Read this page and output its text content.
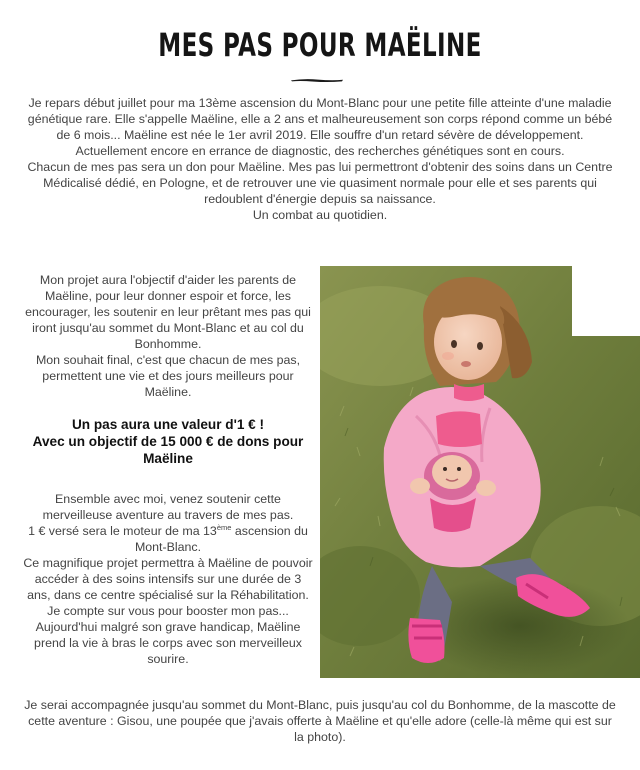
MES PAS POUR MAËLINE

Je repars début juillet pour ma 13ème ascension du Mont-Blanc pour une petite fille atteinte d'une maladie génétique rare. Elle s'appelle Maëline, elle a 2 ans et malheureusement son corps répond comme un bébé de 6 mois... Maëline est née le 1er avril 2019. Elle souffre d'un retard sévère de développement.

Actuellement encore en errance de diagnostic, des recherches génétiques sont en cours.

Chacun de mes pas sera un don pour Maëline. Mes pas lui permettront d'obtenir des soins dans un Centre Médicalisé dédié, en Pologne, et de retrouver une vie quasiment normale pour elle et ses parents qui redoublent d'énergie depuis sa naissance.

Un combat au quotidien.

Mon projet aura l'objectif d'aider les parents de Maëline, pour leur donner espoir et force, les encourager, les soutenir en leur prêtant mes pas qui iront jusqu'au sommet du Mont-Blanc et au col du Bonhomme.

Mon souhait final, c'est que chacun de mes pas, permettent une vie et des jours meilleurs pour Maëline.

Un pas aura une valeur d'1 € !
Avec un objectif de 15 000 € de dons pour Maëline

Ensemble avec moi, venez soutenir cette merveilleuse aventure au travers de mes pas.

1 € versé sera le moteur de ma 13ème ascension du Mont-Blanc.

Ce magnifique projet permettra à Maëline de pouvoir accéder à des soins intensifs sur une durée de 3 ans, dans ce centre spécialisé sur la Réhabilitation.

Je compte sur vous pour booster mon pas...

Aujourd'hui malgré son grave handicap, Maëline prend la vie à bras le corps avec son merveilleux sourire.

Je serai accompagnée jusqu'au sommet du Mont-Blanc, puis jusqu'au col du Bonhomme, de la mascotte de cette aventure : Gisou, une poupée que j'avais offerte à Maëline et qu'elle adore (celle-là même qui est sur la photo).
